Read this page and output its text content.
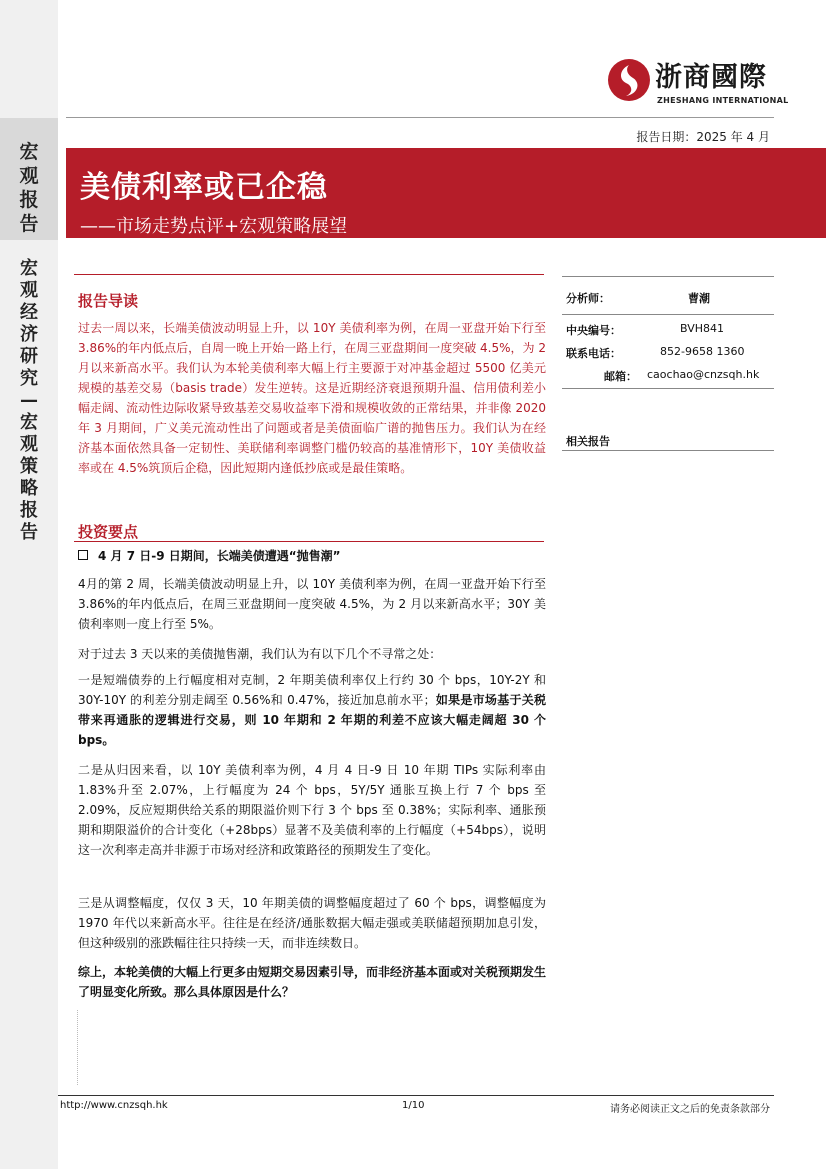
宏
观
报
告
宏
观
经
济
研
究
—
宏
观
策
略
报
告
浙商國際
ZHESHANG INTERNATIONAL
报告日期：2025 年 4 月
美债利率或已企稳
——市场走势点评+宏观策略展望
分析师：	曹潮
中央编号：	BVH841
联系电话：	852-9658 1360
邮箱： caochao@cnzsqh.hk
相关报告
报告导读
过去一周以来，长端美债波动明显上升，以 10Y 美债利率为例，在周一亚盘开始下行至 3.86%的年内低点后，自周一晚上开始一路上行，在周三亚盘期间一度突破 4.5%，为 2 月以来新高水平。我们认为本轮美债利率大幅上行主要源于对冲基金超过 5500 亿美元规模的基差交易（basis trade）发生逆转。这是近期经济衰退预期升温、信用债利差小幅走阔、流动性边际收紧导致基差交易收益率下滑和规模收敛的正常结果，并非像 2020 年 3 月期间，广义美元流动性出了问题或者是美债面临广谱的抛售压力。我们认为在经济基本面依然具备一定韧性、美联储利率调整门槛仍较高的基准情形下，10Y 美债收益率或在 4.5%筑顶后企稳，因此短期内逢低抄底或是最佳策略。
投资要点
4 月 7 日-9 日期间，长端美债遭遇“抛售潮”
4月的第 2 周，长端美债波动明显上升，以 10Y 美债利率为例，在周一亚盘开始下行至 3.86%的年内低点后，在周三亚盘期间一度突破 4.5%，为 2 月以来新高水平；30Y 美债利率则一度上行至 5%。
对于过去 3 天以来的美债抛售潮，我们认为有以下几个不寻常之处：
一是短端债券的上行幅度相对克制，2 年期美债利率仅上行约 30 个 bps，10Y-2Y 和 30Y-10Y 的利差分别走阔至 0.56%和 0.47%，接近加息前水平；如果是市场基于关税带来再通胀的逻辑进行交易，则 10 年期和 2 年期的利差不应该大幅走阔超 30 个 bps。
二是从归因来看，以 10Y 美债利率为例，4 月 4 日-9 日 10 年期 TIPs 实际利率由 1.83%升至 2.07%，上行幅度为 24 个 bps，5Y/5Y 通胀互换上行 7 个 bps 至 2.09%，反应短期供给关系的期限溢价则下行 3 个 bps 至 0.38%；实际利率、通胀预期和期限溢价的合计变化（+28bps）显著不及美债利率的上行幅度（+54bps），说明这一次利率走高并非源于市场对经济和政策路径的预期发生了变化。
三是从调整幅度，仅仅 3 天，10 年期美债的调整幅度超过了 60 个 bps，调整幅度为 1970 年代以来新高水平。往往是在经济/通胀数据大幅走强或美联储超预期加息引发，但这种级别的涨跌幅往往只持续一天，而非连续数日。
综上，本轮美债的大幅上行更多由短期交易因素引导，而非经济基本面或对关税预期发生了明显变化所致。那么具体原因是什么？
http://www.cnzsqh.hk	1/10	请务必阅读正文之后的免责条款部分
